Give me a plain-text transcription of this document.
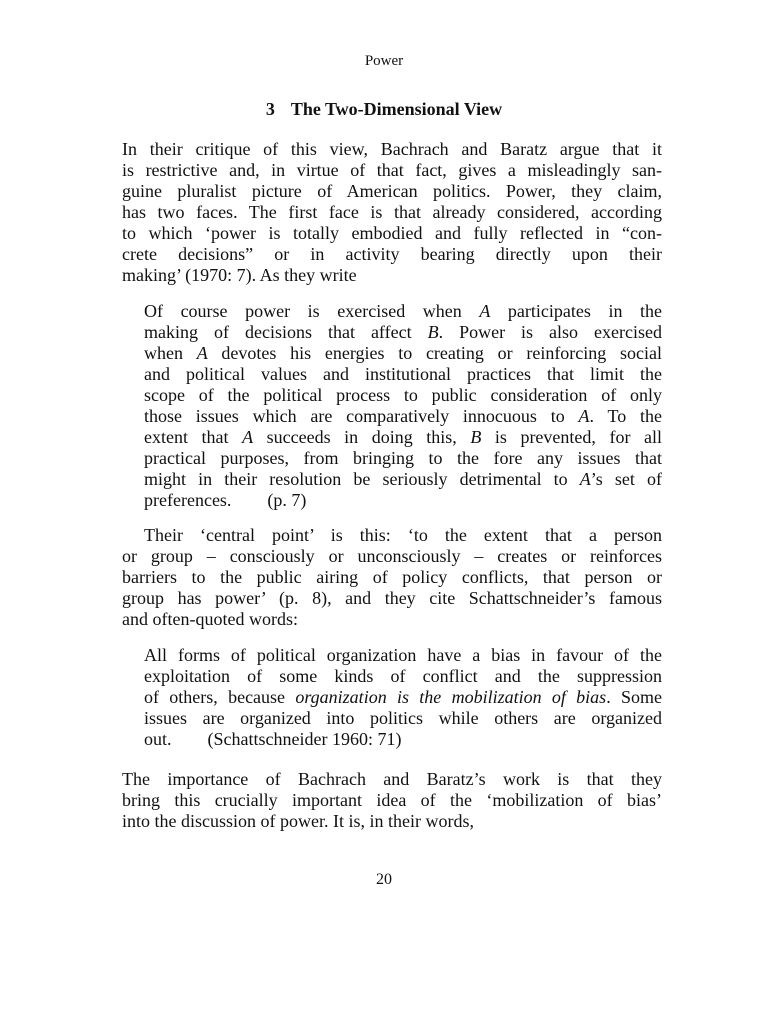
Power
3 The Two-Dimensional View
In their critique of this view, Bachrach and Baratz argue that it
is restrictive and, in virtue of that fact, gives a misleadingly san-
guine pluralist picture of American politics. Power, they claim,
has two faces. The first face is that already considered, according
to which ‘power is totally embodied and fully reflected in “con-
crete decisions” or in activity bearing directly upon their
making’ (1970: 7). As they write
Of course power is exercised when A participates in the
making of decisions that affect B. Power is also exercised
when A devotes his energies to creating or reinforcing social
and political values and institutional practices that limit the
scope of the political process to public consideration of only
those issues which are comparatively innocuous to A. To the
extent that A succeeds in doing this, B is prevented, for all
practical purposes, from bringing to the fore any issues that
might in their resolution be seriously detrimental to A’s set of
preferences.  (p. 7)
Their ‘central point’ is this: ‘to the extent that a person
or group – consciously or unconsciously – creates or reinforces
barriers to the public airing of policy conflicts, that person or
group has power’ (p. 8), and they cite Schattschneider’s famous
and often-quoted words:
All forms of political organization have a bias in favour of the
exploitation of some kinds of conflict and the suppression
of others, because organization is the mobilization of bias. Some
issues are organized into politics while others are organized
out.  (Schattschneider 1960: 71)
The importance of Bachrach and Baratz’s work is that they
bring this crucially important idea of the ‘mobilization of bias’
into the discussion of power. It is, in their words,
20
